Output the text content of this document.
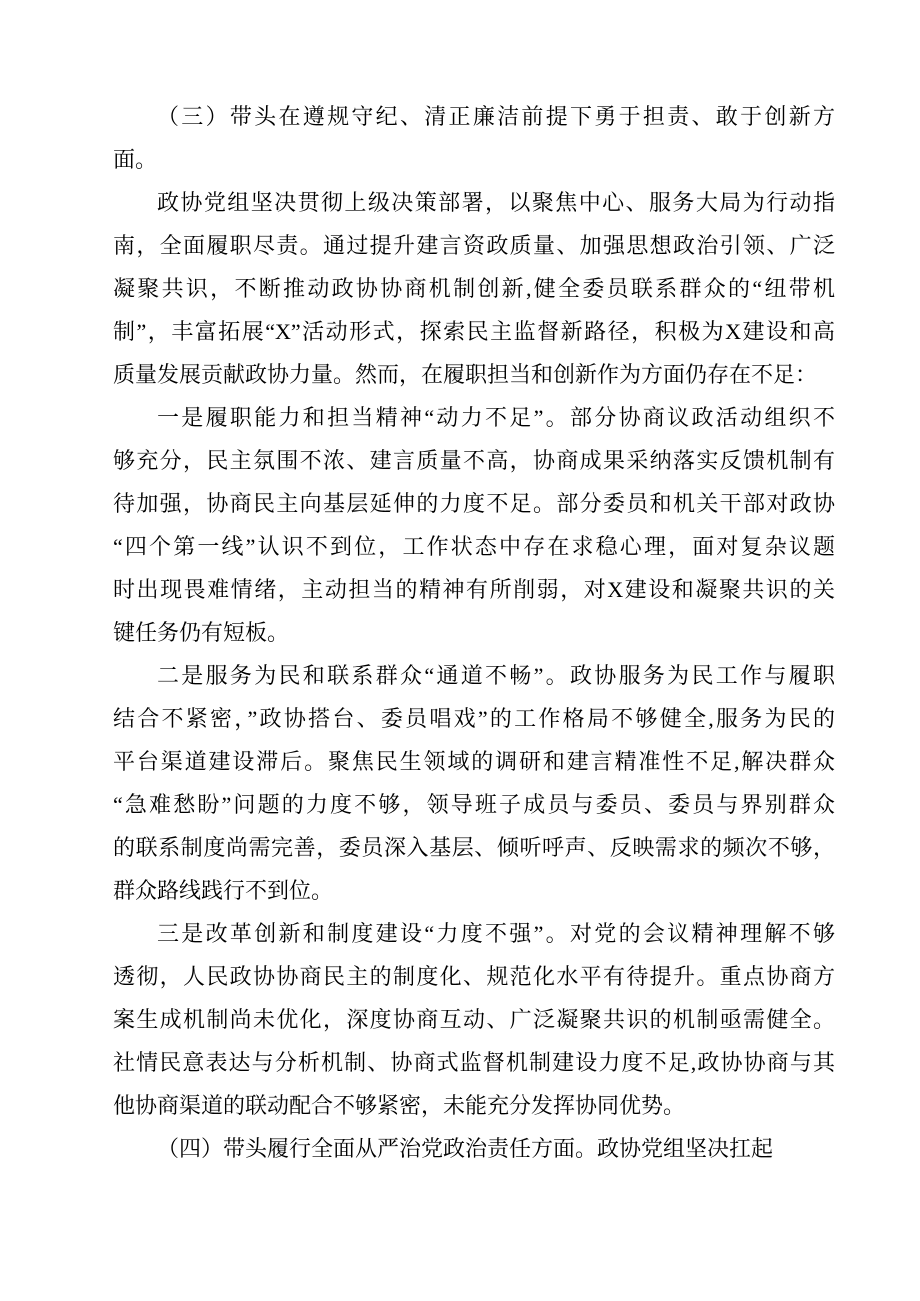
（三）带头在遵规守纪、清正廉洁前提下勇于担责、敢于创新方
面。
政协党组坚决贯彻上级决策部署，以聚焦中心、服务大局为行动指
南，全面履职尽责。通过提升建言资政质量、加强思想政治引领、广泛
凝聚共识，不断推动政协协商机制创新,健全委员联系群众的“纽带机
制”，丰富拓展“X”活动形式，探索民主监督新路径，积极为X建设和高
质量发展贡献政协力量。然而，在履职担当和创新作为方面仍存在不足：
一是履职能力和担当精神“动力不足”。部分协商议政活动组织不
够充分，民主氛围不浓、建言质量不高，协商成果采纳落实反馈机制有
待加强，协商民主向基层延伸的力度不足。部分委员和机关干部对政协
“四个第一线”认识不到位，工作状态中存在求稳心理，面对复杂议题
时出现畏难情绪，主动担当的精神有所削弱，对X建设和凝聚共识的关
键任务仍有短板。
二是服务为民和联系群众“通道不畅”。政协服务为民工作与履职
结合不紧密，”政协搭台、委员唱戏”的工作格局不够健全,服务为民的
平台渠道建设滞后。聚焦民生领域的调研和建言精准性不足,解决群众
“急难愁盼”问题的力度不够，领导班子成员与委员、委员与界别群众
的联系制度尚需完善，委员深入基层、倾听呼声、反映需求的频次不够，
群众路线践行不到位。
三是改革创新和制度建设“力度不强”。对党的会议精神理解不够
透彻，人民政协协商民主的制度化、规范化水平有待提升。重点协商方
案生成机制尚未优化，深度协商互动、广泛凝聚共识的机制亟需健全。
社情民意表达与分析机制、协商式监督机制建设力度不足,政协协商与其
他协商渠道的联动配合不够紧密，未能充分发挥协同优势。
（四）带头履行全面从严治党政治责任方面。政协党组坚决扛起
